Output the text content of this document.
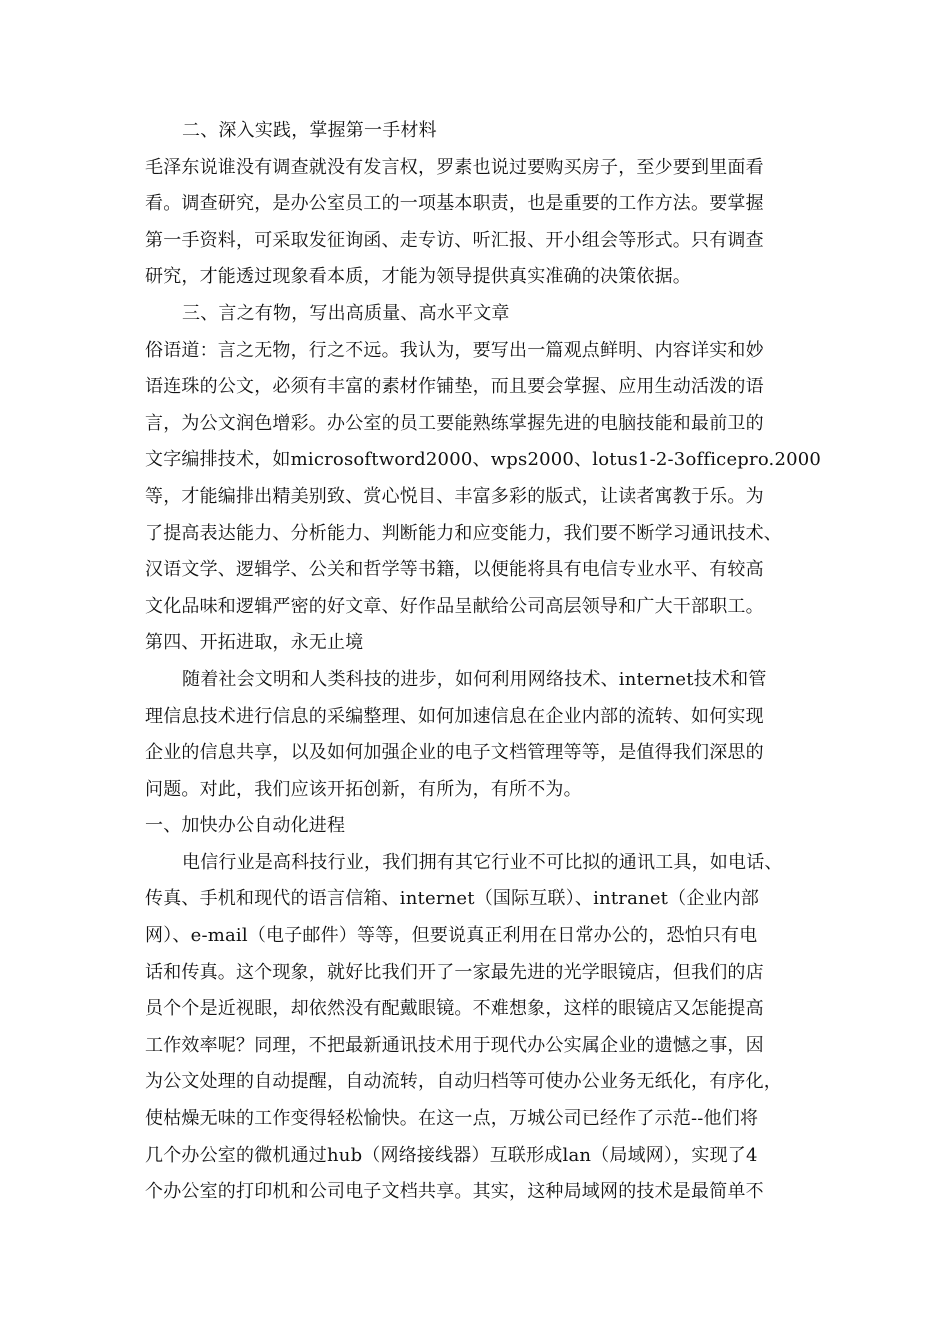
二、深入实践，掌握第一手材料
毛泽东说谁没有调查就没有发言权，罗素也说过要购买房子，至少要到里面看
看。调查研究，是办公室员工的一项基本职责，也是重要的工作方法。要掌握
第一手资料，可采取发征询函、走专访、听汇报、开小组会等形式。只有调查
研究，才能透过现象看本质，才能为领导提供真实准确的决策依据。
三、言之有物，写出高质量、高水平文章
俗语道：言之无物，行之不远。我认为，要写出一篇观点鲜明、内容详实和妙
语连珠的公文，必须有丰富的素材作铺垫，而且要会掌握、应用生动活泼的语
言，为公文润色增彩。办公室的员工要能熟练掌握先进的电脑技能和最前卫的
文字编排技术，如microsoftword2000、wps2000、lotus1-2-3officepro.2000
等，才能编排出精美别致、赏心悦目、丰富多彩的版式，让读者寓教于乐。为
了提高表达能力、分析能力、判断能力和应变能力，我们要不断学习通讯技术、
汉语文学、逻辑学、公关和哲学等书籍，以便能将具有电信专业水平、有较高
文化品味和逻辑严密的好文章、好作品呈献给公司高层领导和广大干部职工。
第四、开拓进取，永无止境
随着社会文明和人类科技的进步，如何利用网络技术、internet技术和管
理信息技术进行信息的采编整理、如何加速信息在企业内部的流转、如何实现
企业的信息共享，以及如何加强企业的电子文档管理等等，是值得我们深思的
问题。对此，我们应该开拓创新，有所为，有所不为。
一、加快办公自动化进程
电信行业是高科技行业，我们拥有其它行业不可比拟的通讯工具，如电话、
传真、手机和现代的语言信箱、internet（国际互联）、intranet（企业内部
网）、e-mail（电子邮件）等等，但要说真正利用在日常办公的，恐怕只有电
话和传真。这个现象，就好比我们开了一家最先进的光学眼镜店，但我们的店
员个个是近视眼，却依然没有配戴眼镜。不难想象，这样的眼镜店又怎能提高
工作效率呢？同理，不把最新通讯技术用于现代办公实属企业的遗憾之事，因
为公文处理的自动提醒，自动流转，自动归档等可使办公业务无纸化，有序化，
使枯燥无味的工作变得轻松愉快。在这一点，万城公司已经作了示范--他们将
几个办公室的微机通过hub（网络接线器）互联形成lan（局域网），实现了4
个办公室的打印机和公司电子文档共享。其实，这种局域网的技术是最简单不
